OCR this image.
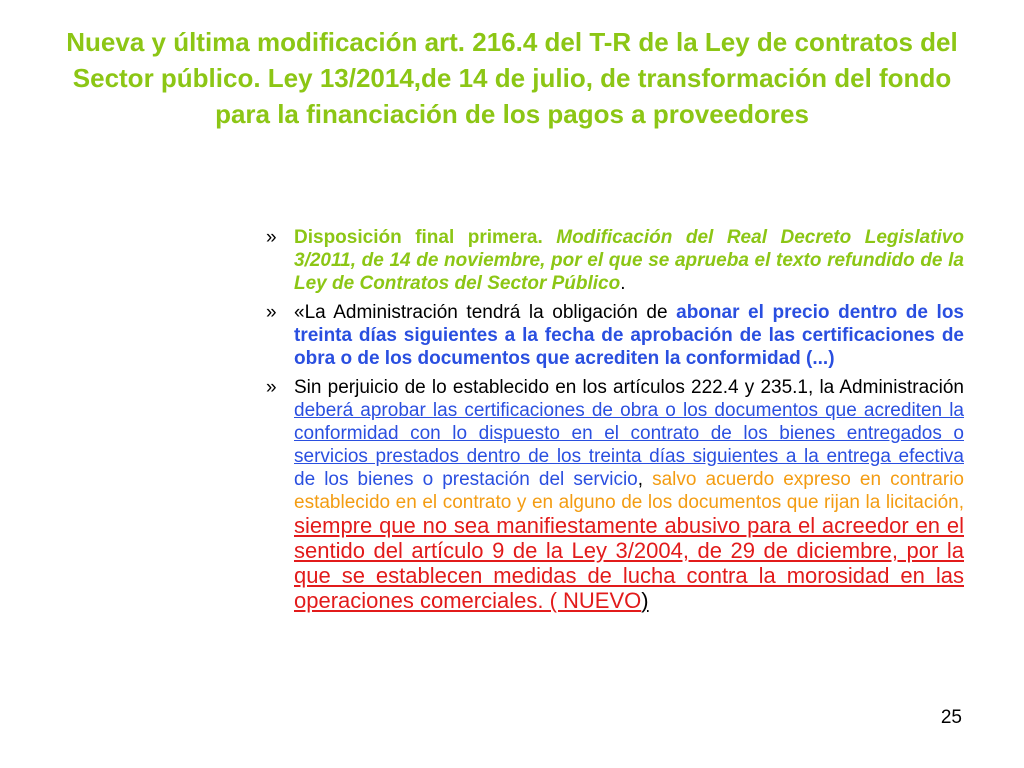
Nueva y última modificación art. 216.4 del T-R de la Ley de contratos del Sector público. Ley 13/2014,de 14 de julio, de transformación del fondo para la financiación de los pagos a proveedores
» Disposición final primera. Modificación del Real Decreto Legislativo 3/2011, de 14 de noviembre, por el que se aprueba el texto refundido de la Ley de Contratos del Sector Público.
» «La Administración tendrá la obligación de abonar el precio dentro de los treinta días siguientes a la fecha de aprobación de las certificaciones de obra o de los documentos que acrediten la conformidad (...)
» Sin perjuicio de lo establecido en los artículos 222.4 y 235.1, la Administración deberá aprobar las certificaciones de obra o los documentos que acrediten la conformidad con lo dispuesto en el contrato de los bienes entregados o servicios prestados dentro de los treinta días siguientes a la entrega efectiva de los bienes o prestación del servicio, salvo acuerdo expreso en contrario establecido en el contrato y en alguno de los documentos que rijan la licitación, siempre que no sea manifiestamente abusivo para el acreedor en el sentido del artículo 9 de la Ley 3/2004, de 29 de diciembre, por la que se establecen medidas de lucha contra la morosidad en las operaciones comerciales. ( NUEVO)
25
